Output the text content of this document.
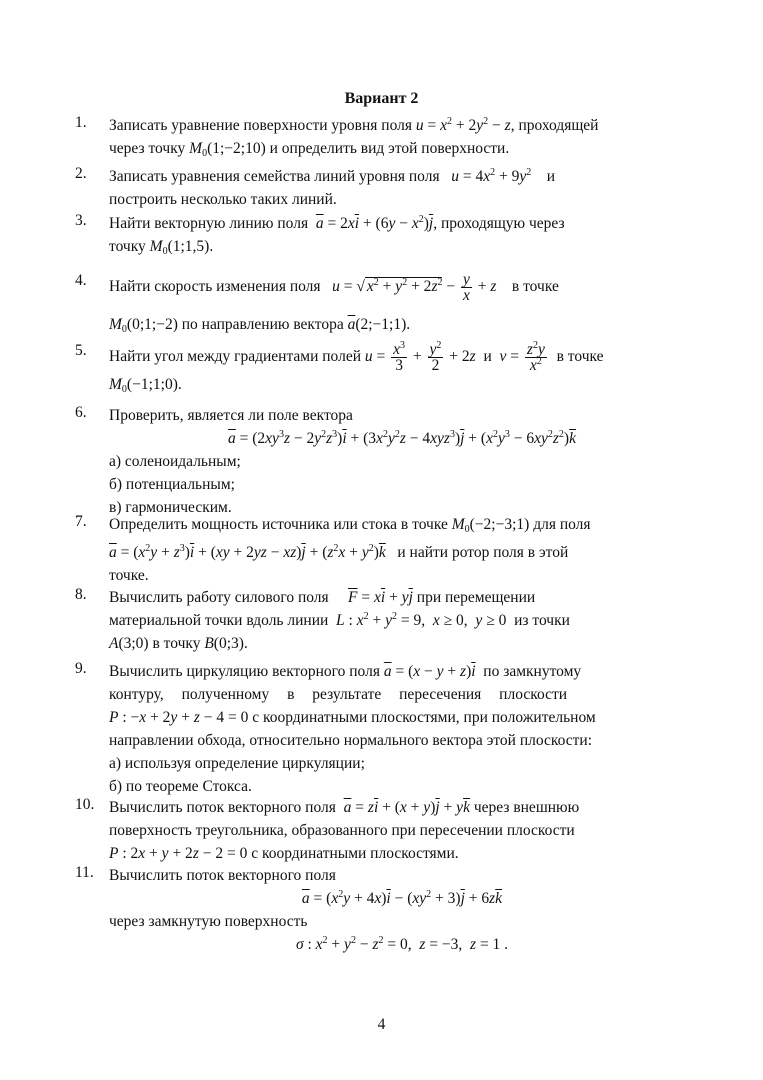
Вариант 2
1.	Записать уравнение поверхности уровня поля $u = x^2 + 2y^2 - z$, проходящей
через точку $M_0(1;-2;10)$ и определить вид этой поверхности.
2.	Записать уравнения семейства линий уровня поля $u = 4x^2 + 9y^2$ и
построить несколько таких линий.
3.	Найти векторную линию поля $\overline{a} = 2x\overline{i} + (6y - x^2)\overline{j}$, проходящую через
точку $M_0(1;1,5)$.
4.	Найти скорость изменения поля u = √ $x^2 + y^2 + 2z^2 - \frac{y}{x} + z$ в точке
$M_0(0;1;-2)$ по направлению вектора $\overline{a}(2;-1;1)$.
5.	Найти угол между градиентами полей $u = \frac{x^3}{3} + \frac{y^2}{2} + 2z$ и $v = \frac{z^2y}{x^2}$ в точке
$M_0(-1;1;0)$.
6.	Проверить, является ли поле вектора
$\overline{a} = (2xy^3z - 2y^2z^3)\overline{i} + (3x^2y^2z - 4xyz^3)\overline{j} + (x^2y^3 - 6xy^2z^2)\overline{k}$
а) соленоидальным;
б) потенциальным;
в) гармоническим.
7.	Определить мощность источника или стока в точке $M_0(-2;-3;1)$ для поля
$\overline{a} = (x^2y + z^3)\overline{i} + (xy + 2yz - xz)\overline{j} + (z^2x + y^2)\overline{k}$ и найти ротор поля в этой
точке.
8.	Вычислить работу силового поля $\overline{F} = x\overline{i} + y\overline{j}$ при перемещении
материальной точки вдоль линии L : $x^2 + y^2 = 9$,  x ≥ 0,  y ≥ 0  из точки
A(3;0) в точку B(0;3).
9.	Вычислить циркуляцию векторного поля $\overline{a} = (x - y + z)\overline{i}$ по замкнутому
контуру, полученному в результате пересечения плоскости
P : −x + 2y + z − 4 = 0 с координатными плоскостями, при положительном
направлении обхода, относительно нормального вектора этой плоскости:
а) используя определение циркуляции;
б) по теореме Стокса.
10. Вычислить поток векторного поля $\overline{a} = z\overline{i} + (x + y)\overline{j} + y\overline{k}$ через внешнюю
поверхность треугольника, образованного при пересечении плоскости
P : 2x + y + 2z − 2 = 0 с координатными плоскостями.
11. Вычислить поток векторного поля
$\overline{a} = (x^2y + 4x)\overline{i} - (xy^2 + 3)\overline{j} + 6z\overline{k}$
через замкнутую поверхность
σ : $x^2 + y^2 - z^2 = 0$,  z = −3,  z = 1 .
4
